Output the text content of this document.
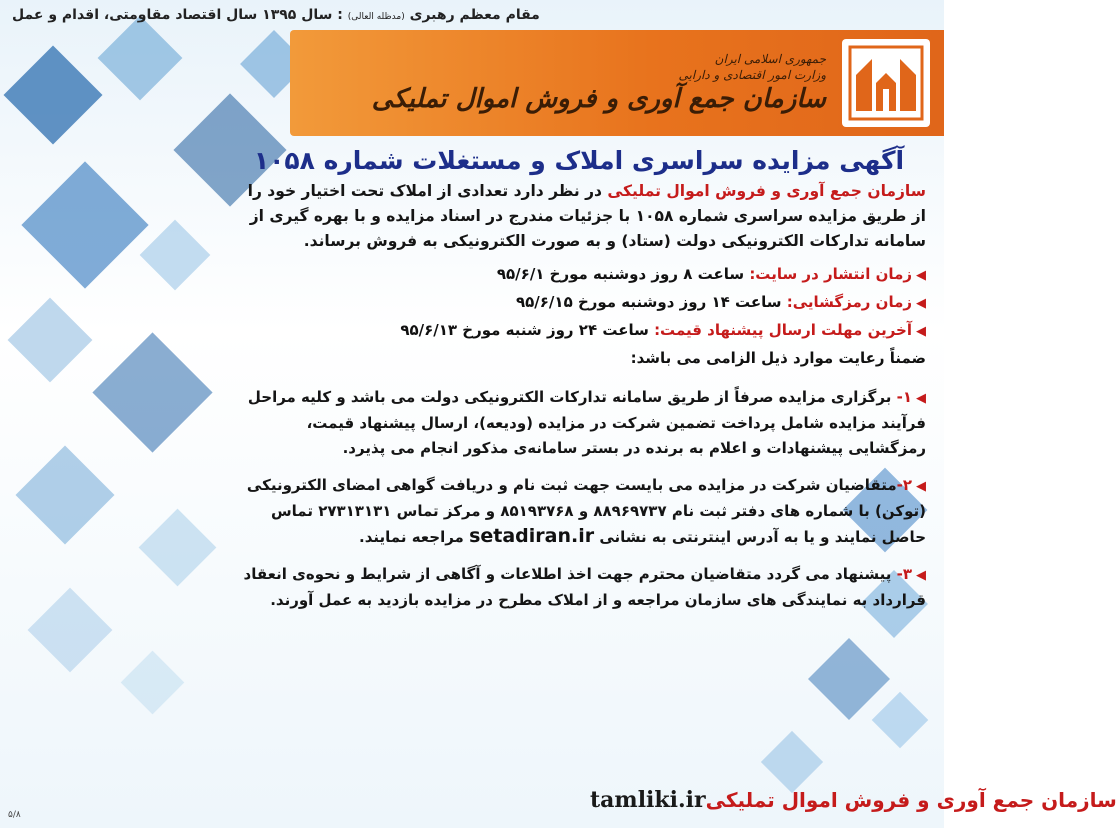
مقام معظم رهبری (مدظله العالی) : سال ۱۳۹۵ سال اقتصاد مقاومتی، اقدام و عمل
جمهوری اسلامی ایران
وزارت امور اقتصادی و دارایی
سازمان جمع آوری و فروش اموال تملیکی
آگهی مزایده سراسری املاک و مستغلات شماره ۱۰۵۸

سازمان جمع آوری و فروش اموال تملیکی در نظر دارد تعدادی از املاک تحت اختیار خود را از طریق مزایده سراسری شماره ۱۰۵۸ با جزئیات مندرج در اسناد مزایده و با بهره گیری از سامانه تدارکات الکترونیکی دولت (ستاد) و به صورت الکترونیکی به فروش برساند.

◀زمان انتشار در سایت: ساعت ۸ روز دوشنبه مورخ ۹۵/۶/۱
◀زمان رمزگشایی: ساعت ۱۴ روز دوشنبه مورخ ۹۵/۶/۱۵
◀آخرین مهلت ارسال پیشنهاد قیمت: ساعت ۲۴ روز شنبه مورخ ۹۵/۶/۱۳
ضمناً رعایت موارد ذیل الزامی می باشد:

◀۱- برگزاری مزایده صرفاً از طریق سامانه تدارکات الکترونیکی دولت می باشد و کلیه مراحل فرآیند مزایده شامل پرداخت تضمین شرکت در مزایده (ودیعه)، ارسال پیشنهاد قیمت، رمزگشایی پیشنهادات و اعلام به برنده در بستر سامانه‌ی مذکور انجام می پذیرد.

◀۲-متقاضیان شرکت در مزایده می بایست جهت ثبت نام و دریافت گواهی امضای الکترونیکی (توکن) با شماره های دفتر ثبت نام ۸۸۹۶۹۷۳۷ و ۸۵۱۹۳۷۶۸ و مرکز تماس ۲۷۳۱۳۱۳۱ تماس حاصل نمایند و یا به آدرس اینترنتی به نشانی setadiran.ir مراجعه نمایند.

◀۳- پیشنهاد می گردد متقاضیان محترم جهت اخذ اطلاعات و آگاهی از شرایط و نحوه‌ی انعقاد قرارداد به نمایندگی های سازمان مراجعه و از املاک مطرح در مزایده بازدید به عمل آورند.

tamliki.ir سازمان جمع آوری و فروش اموال تملیکی
۵/۸
